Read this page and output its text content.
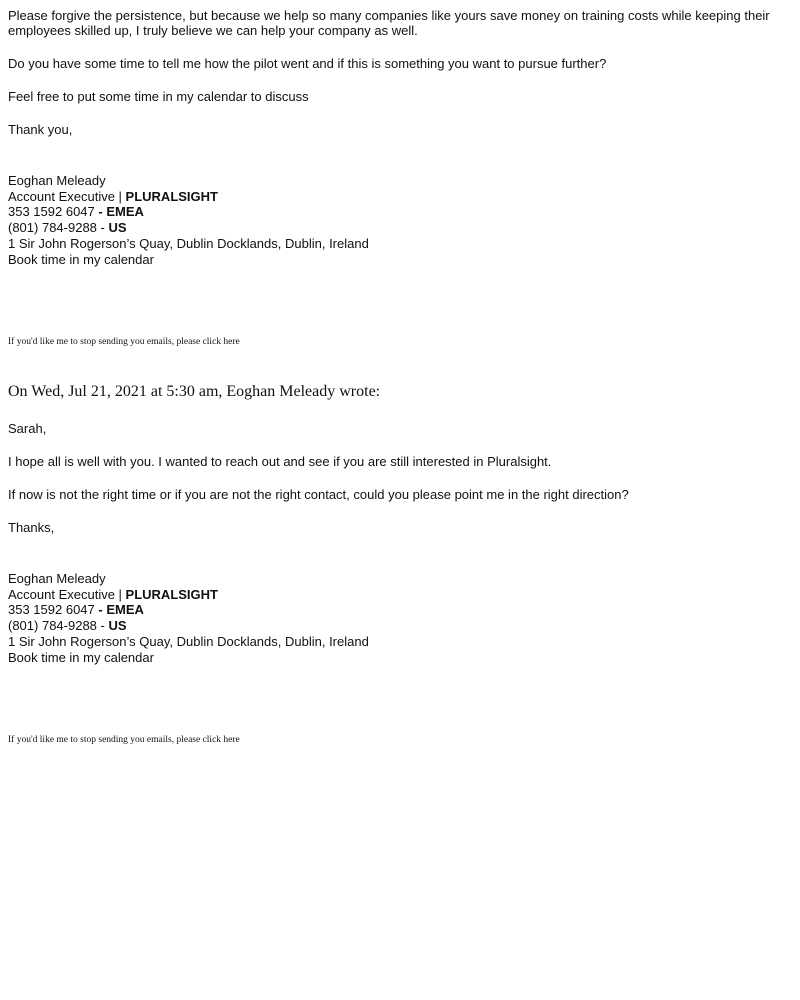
Please forgive the persistence, but because we help so many companies like yours save money on training costs while keeping their employees skilled up, I truly believe we can help your company as well.

Do you have some time to tell me how the pilot went and if this is something you want to pursue further?

Feel free to put some time in my calendar to discuss

Thank you,

Eoghan Meleady
Account Executive | PLURALSIGHT
353 1592 6047 - EMEA
(801) 784-9288 - US
1 Sir John Rogerson’s Quay, Dublin Docklands, Dublin, Ireland
Book time in my calendar
If you'd like me to stop sending you emails, please click here
On Wed, Jul 21, 2021 at 5:30 am, Eoghan Meleady wrote:

Sarah,

I hope all is well with you. I wanted to reach out and see if you are still interested in Pluralsight.

If now is not the right time or if you are not the right contact, could you please point me in the right direction?

Thanks,

Eoghan Meleady
Account Executive | PLURALSIGHT
353 1592 6047 - EMEA
(801) 784-9288 - US
1 Sir John Rogerson’s Quay, Dublin Docklands, Dublin, Ireland
Book time in my calendar
If you'd like me to stop sending you emails, please click here
